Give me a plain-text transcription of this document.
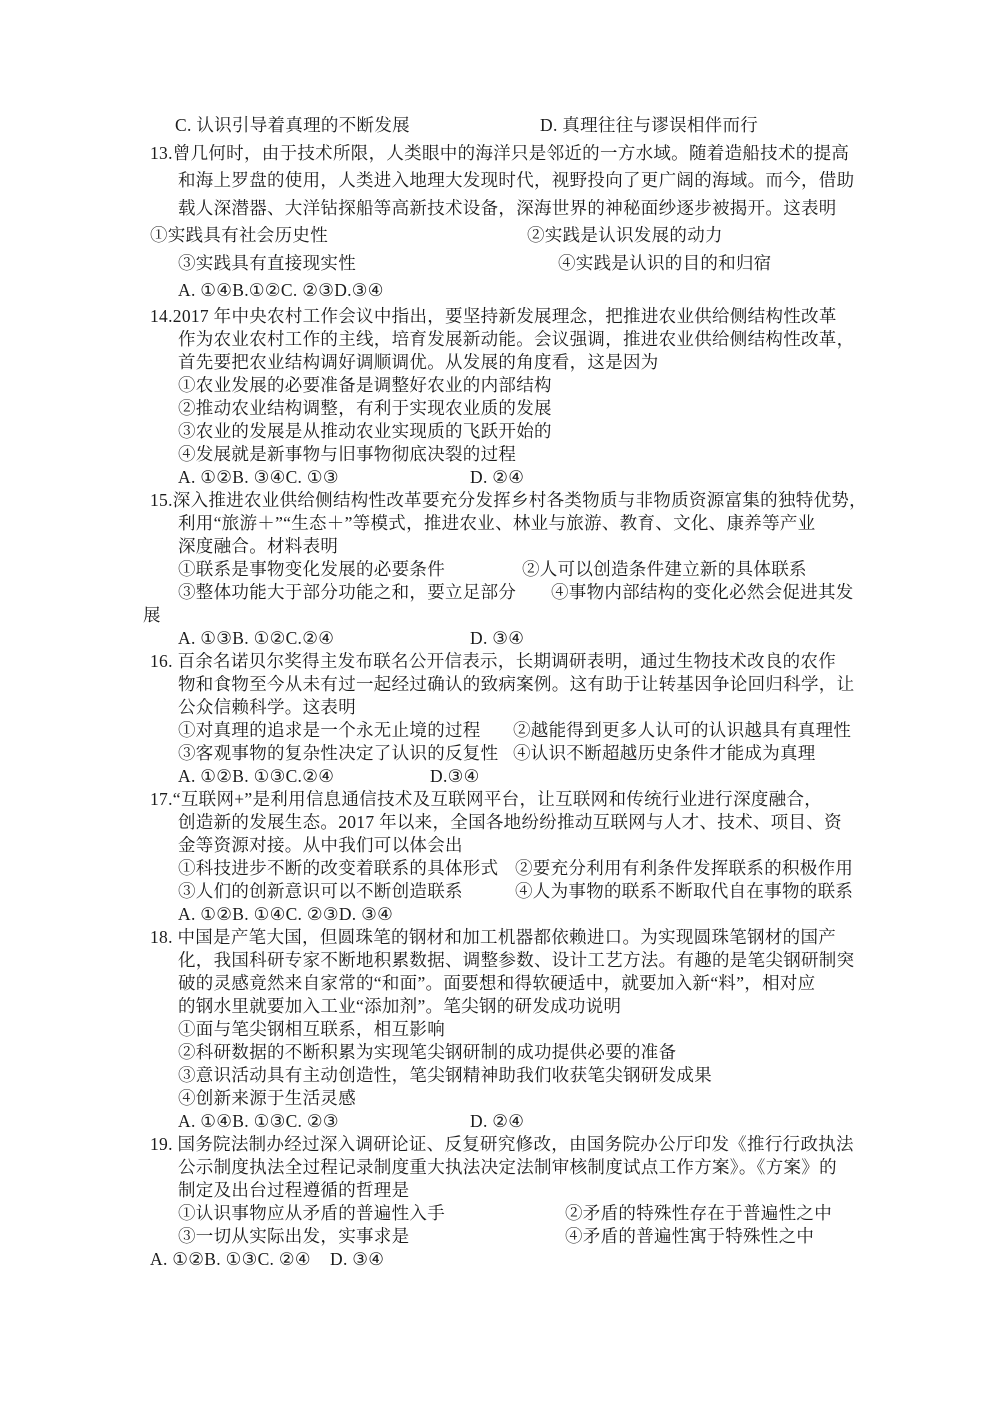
C. 认识引导着真理的不断发展	D. 真理往往与谬误相伴而行
13.曾几何时，由于技术所限，人类眼中的海洋只是邻近的一方水域。随着造船技术的提高
和海上罗盘的使用，人类进入地理大发现时代，视野投向了更广阔的海域。而今，借助
载人深潜器、大洋钻探船等高新技术设备，深海世界的神秘面纱逐步被揭开。这表明
①实践具有社会历史性	②实践是认识发展的动力
③实践具有直接现实性	④实践是认识的目的和归宿
A. ①④B.①②C. ②③D.③④
14.2017 年中央农村工作会议中指出，要坚持新发展理念，把推进农业供给侧结构性改革
作为农业农村工作的主线，培育发展新动能。会议强调，推进农业供给侧结构性改革，
首先要把农业结构调好调顺调优。从发展的角度看，这是因为
①农业发展的必要准备是调整好农业的内部结构
②推动农业结构调整，有利于实现农业质的发展
③农业的发展是从推动农业实现质的飞跃开始的
④发展就是新事物与旧事物彻底决裂的过程
A. ①②B. ③④C. ①③	D. ②④
15.深入推进农业供给侧结构性改革要充分发挥乡村各类物质与非物质资源富集的独特优势，
利用“旅游＋”“生态＋”等模式，推进农业、林业与旅游、教育、文化、康养等产业
深度融合。材料表明
①联系是事物变化发展的必要条件	②人可以创造条件建立新的具体联系
③整体功能大于部分功能之和，要立足部分 ④事物内部结构的变化必然会促进其发
展
A. ①③B. ①②C.②④	D. ③④
16. 百余名诺贝尔奖得主发布联名公开信表示，长期调研表明，通过生物技术改良的农作
物和食物至今从未有过一起经过确认的致病案例。这有助于让转基因争论回归科学，让
公众信赖科学。这表明
①对真理的追求是一个永无止境的过程 ②越能得到更多人认可的认识越具有真理性
③客观事物的复杂性决定了认识的反复性 ④认识不断超越历史条件才能成为真理
A. ①②B. ①③C.②④	D.③④
17.“互联网+”是利用信息通信技术及互联网平台，让互联网和传统行业进行深度融合，
创造新的发展生态。2017 年以来，全国各地纷纷推动互联网与人才、技术、项目、资
金等资源对接。从中我们可以体会出
①科技进步不断的改变着联系的具体形式 ②要充分利用有利条件发挥联系的积极作用
③人们的创新意识可以不断创造联系	④人为事物的联系不断取代自在事物的联系
A. ①②B. ①④C. ②③D. ③④
18. 中国是产笔大国，但圆珠笔的钢材和加工机器都依赖进口。为实现圆珠笔钢材的国产
化，我国科研专家不断地积累数据、调整参数、设计工艺方法。有趣的是笔尖钢研制突
破的灵感竟然来自家常的“和面”。面要想和得软硬适中，就要加入新“料”，相对应
的钢水里就要加入工业“添加剂”。笔尖钢的研发成功说明
①面与笔尖钢相互联系，相互影响
②科研数据的不断积累为实现笔尖钢研制的成功提供必要的准备
③意识活动具有主动创造性，笔尖钢精神助我们收获笔尖钢研发成果
④创新来源于生活灵感
A. ①④B. ①③C. ②③	D. ②④
19. 国务院法制办经过深入调研论证、反复研究修改，由国务院办公厅印发《推行行政执法
公示制度执法全过程记录制度重大执法决定法制审核制度试点工作方案》。《方案》的
制定及出台过程遵循的哲理是
①认识事物应从矛盾的普遍性入手	②矛盾的特殊性存在于普遍性之中
③一切从实际出发，实事求是	④矛盾的普遍性寓于特殊性之中
A. ①②B. ①③C. ②④ D. ③④
